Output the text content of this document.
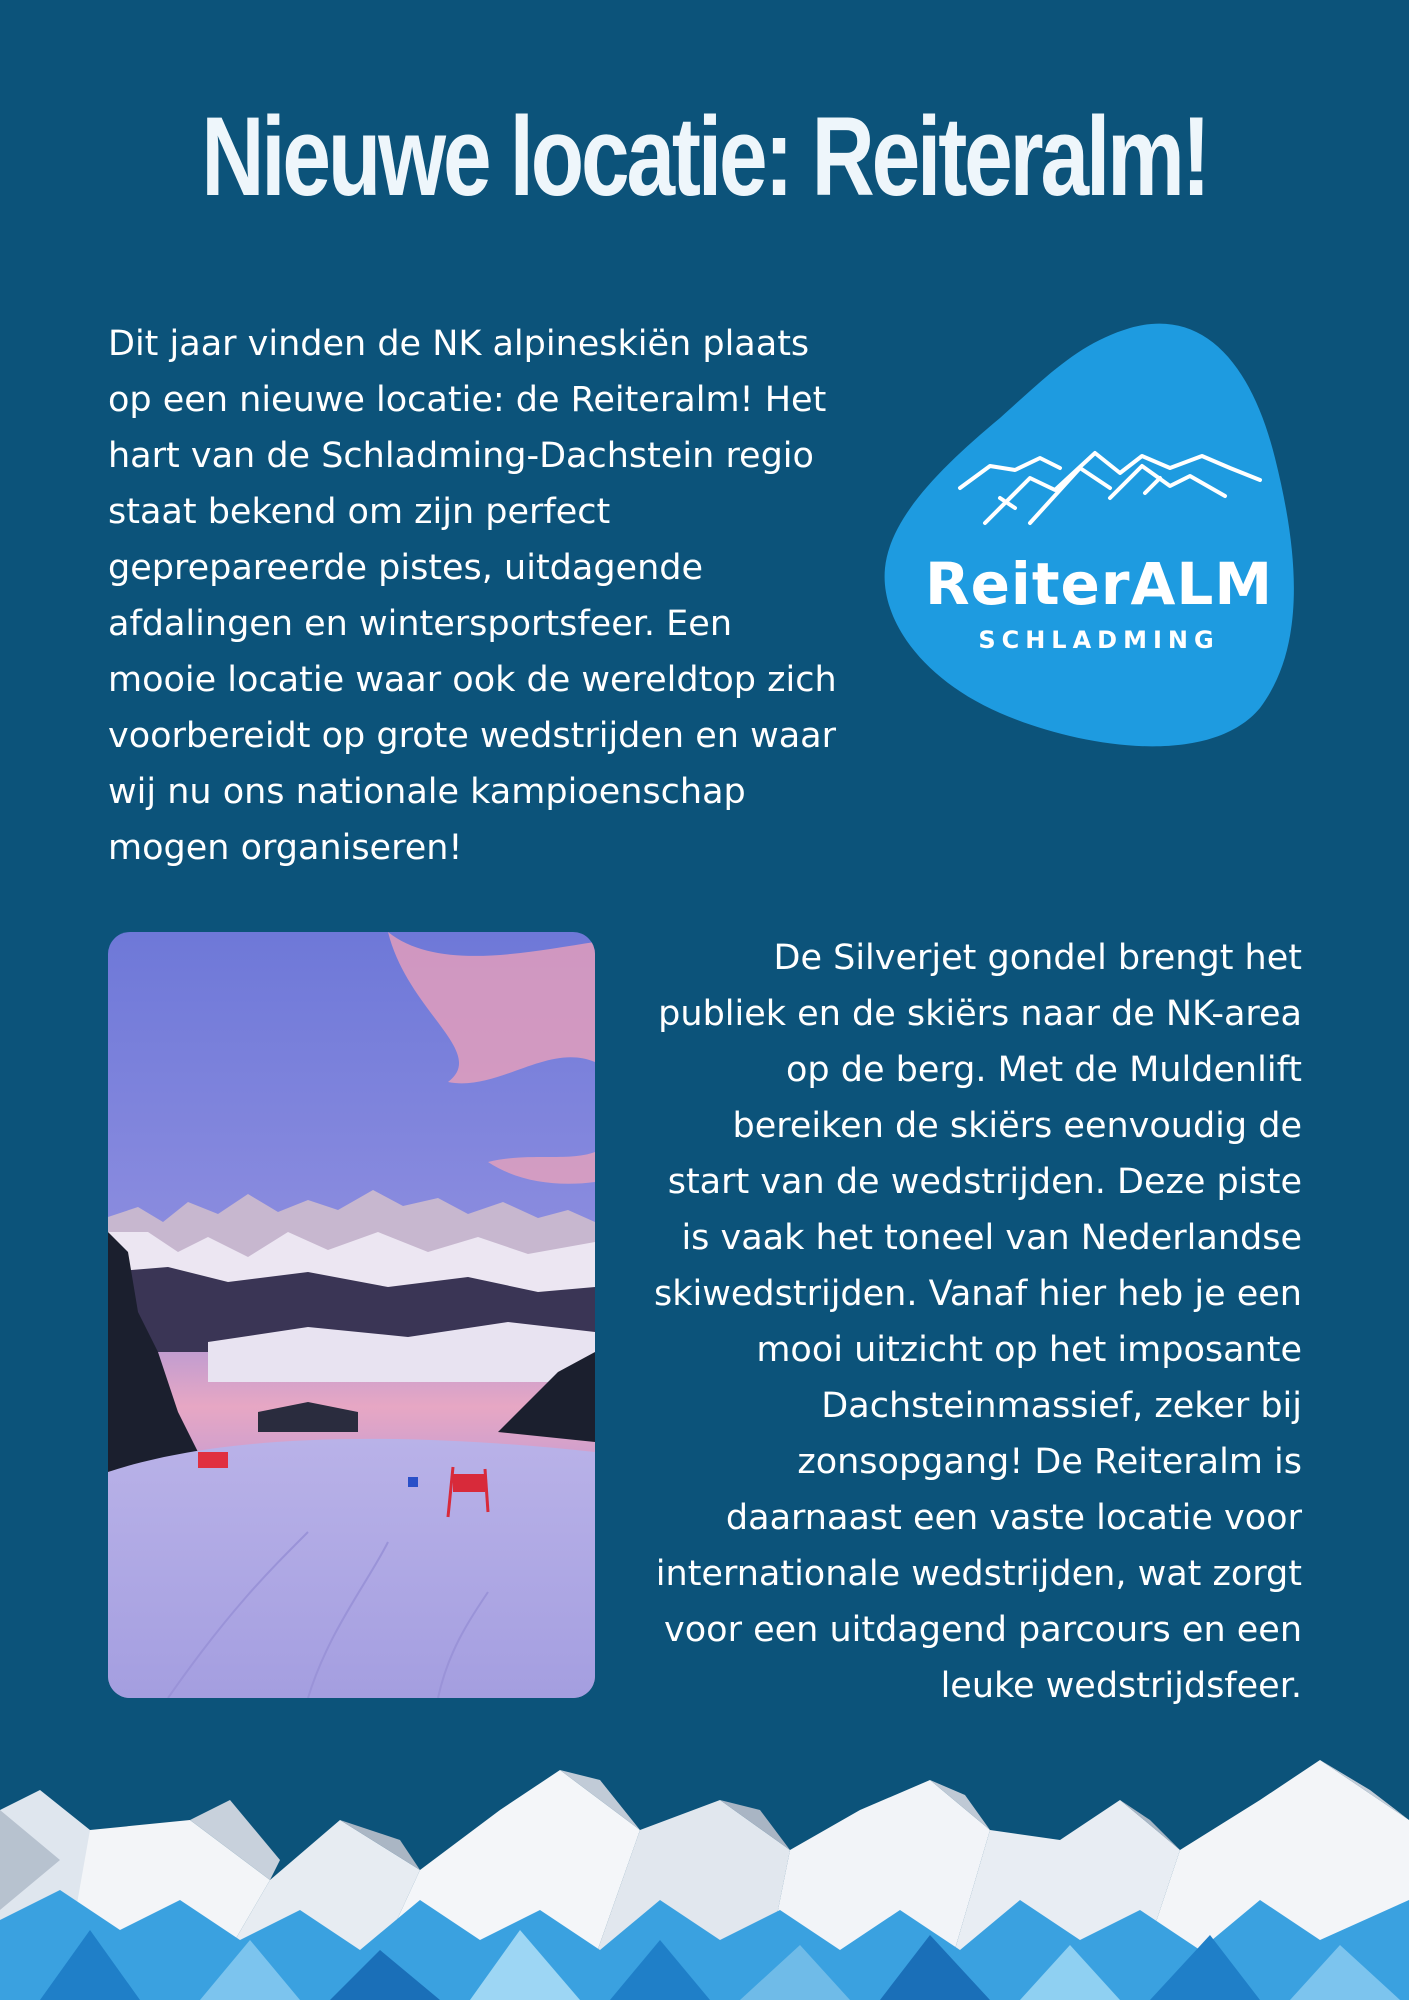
Nieuwe locatie: Reiteralm!

Dit jaar vinden de NK alpineskiën plaats op een nieuwe locatie: de Reiteralm! Het hart van de Schladming-Dachstein regio staat bekend om zijn perfect geprepareerde pistes, uitdagende afdalingen en wintersportsfeer. Een mooie locatie waar ook de wereldtop zich voorbereidt op grote wedstrijden en waar wij nu ons nationale kampioenschap mogen organiseren!

ReiterALM
SCHLADMING

De Silverjet gondel brengt het publiek en de skiërs naar de NK-area op de berg. Met de Muldenlift bereiken de skiërs eenvoudig de start van de wedstrijden. Deze piste is vaak het toneel van Nederlandse skiwedstrijden. Vanaf hier heb je een mooi uitzicht op het imposante Dachsteinmassief, zeker bij zonsopgang! De Reiteralm is daarnaast een vaste locatie voor internationale wedstrijden, wat zorgt voor een uitdagend parcours en een leuke wedstrijdsfeer.
